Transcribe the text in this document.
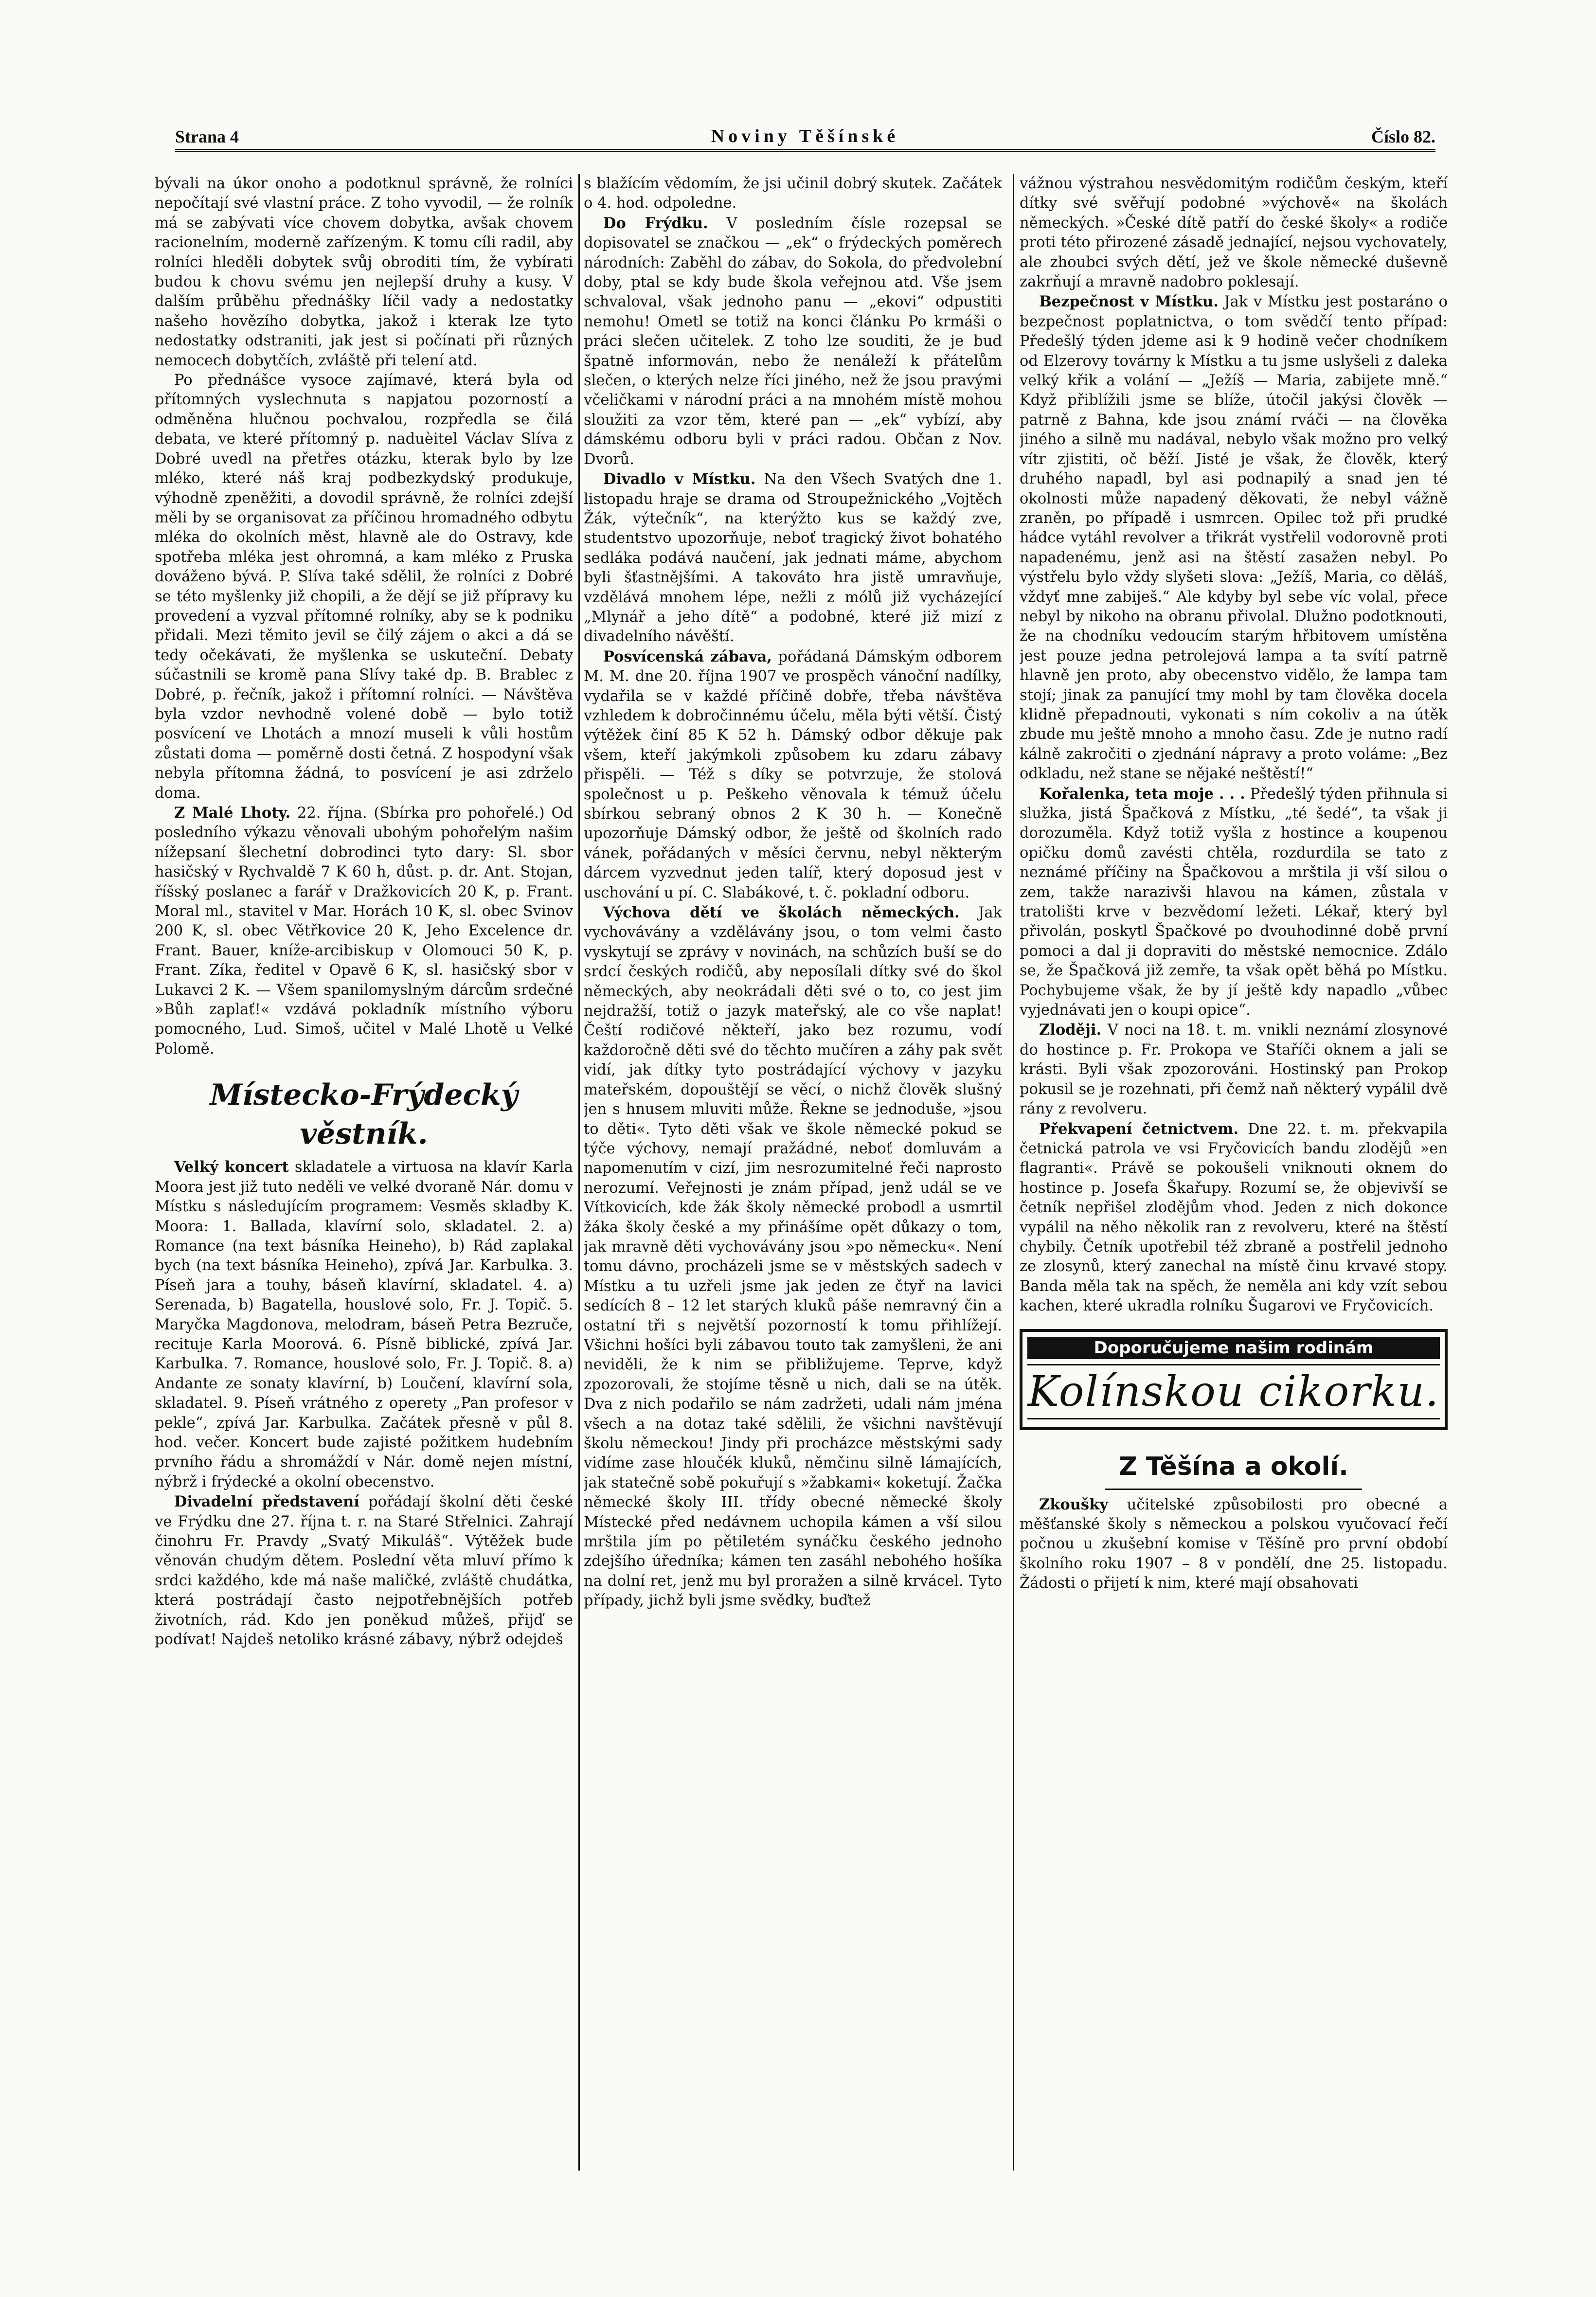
Strana 4	Noviny Těšínské	Číslo 82.

bývali na úkor onoho a podotknul správně, že rolníci nepočítají své vlastní práce. Z toho vyvodil, — že rolník má se zabývati více chovem dobytka, avšak chovem racionelním, moderně zařízeným. K tomu cíli radil, aby rolníci hleděli dobytek svůj obroditi tím, že vybírati budou k chovu svému jen nejlepší druhy a kusy. V dalším průběhu přednášky líčil vady a nedostatky našeho hovězího dobytka, jakož i kterak lze tyto nedostatky odstraniti, jak jest si počínati při různých nemocech dobytčích, zvláště při telení atd.

Po přednášce vysoce zajímavé, která byla od přítomných vyslechnuta s napjatou pozorností a odměněna hlučnou pochvalou, rozpředla se čilá debata, ve které přítomný p. naduèitel Václav Slíva z Dobré uvedl na přetřes otázku, kterak bylo by lze mléko, které náš kraj podbezkydský produkuje, výhodně zpeněžiti, a dovodil správně, že rolníci zdejší měli by se organisovat za příčinou hromadného odbytu mléka do okolních měst, hlavně ale do Ostravy, kde spotřeba mléka jest ohromná, a kam mléko z Pruska dováženo bývá. P. Slíva také sdělil, že rolníci z Dobré se této myšlenky již chopili, a že dějí se již přípravy ku provedení a vyzval přítomné rolníky, aby se k podniku přidali. Mezi těmito jevil se čilý zájem o akci a dá se tedy očekávati, že myšlenka se uskuteční. Debaty súčastnili se kromě pana Slívy také dp. B. Brablec z Dobré, p. řečník, jakož i přítomní rolníci. — Návštěva byla vzdor nevhodně volené době — bylo totiž posvícení ve Lhotách a mnozí museli k vůli hostům zůstati doma — poměrně dosti četná. Z hospodyní však nebyla přítomna žádná, to posvícení je asi zdrželo doma.

Z Malé Lhoty. 22. října. (Sbírka pro pohořelé.) Od posledního výkazu věnovali ubohým pohořelým našim nížepsaní šlechetní dobrodinci tyto dary: Sl. sbor hasičský v Rychvaldě 7 K 60 h, důst. p. dr. Ant. Stojan, říšský poslanec a farář v Dražkovicích 20 K, p. Frant. Moral ml., stavitel v Mar. Horách 10 K, sl. obec Svinov 200 K, sl. obec Větřkovice 20 K, Jeho Excelence dr. Frant. Bauer, kníže-arcibiskup v Olomouci 50 K, p. Frant. Zíka, ředitel v Opavě 6 K, sl. hasičský sbor v Lukavci 2 K. — Všem spanilomyslným dárcům srdečné »Bůh zaplať!« vzdává pokladník místního výboru pomocného, Lud. Simoš, učitel v Malé Lhotě u Velké Polomě.

Místecko-Frýdecký věstník.

Velký koncert skladatele a virtuosa na klavír Karla Moora jest již tuto neděli ve velké dvoraně Nár. domu v Místku s následujícím programem: Vesměs skladby K. Moora: 1. Ballada, klavírní solo, skladatel. 2. a) Romance (na text básníka Heineho), b) Rád zaplakal bych (na text básníka Heineho), zpívá Jar. Karbulka. 3. Píseň jara a touhy, báseň klavírní, skladatel. 4. a) Serenada, b) Bagatella, houslové solo, Fr. J. Topič. 5. Maryčka Magdonova, melodram, báseň Petra Bezruče, recituje Karla Moorová. 6. Písně biblické, zpívá Jar. Karbulka. 7. Romance, houslové solo, Fr. J. Topič. 8. a) Andante ze sonaty klavírní, b) Loučení, klavírní sola, skladatel. 9. Píseň vrátného z operety „Pan profesor v pekle“, zpívá Jar. Karbulka. Začátek přesně v půl 8. hod. večer. Koncert bude zajisté požitkem hudebním prvního řádu a shromáždí v Nár. domě nejen místní, nýbrž i frýdecké a okolní obecenstvo.

Divadelní představení pořádají školní děti české ve Frýdku dne 27. října t. r. na Staré Střelnici. Zahrají činohru Fr. Pravdy „Svatý Mikuláš“. Výtěžek bude věnován chudým dětem. Poslední věta mluví přímo k srdci každého, kde má naše maličké, zvláště chudátka, která postrádají často nejpotřebnějších potřeb životních, rád. Kdo jen poněkud můžeš, přijď se podívat! Najdeš netoliko krásné zábavy, nýbrž odejdeš

s blažícím vědomím, že jsi učinil dobrý skutek. Začátek o 4. hod. odpoledne.

Do Frýdku. V posledním čísle rozepsal se dopisovatel se značkou — „ek“ o frýdeckých poměrech národních: Zaběhl do zábav, do Sokola, do předvolební doby, ptal se kdy bude škola veřejnou atd. Vše jsem schvaloval, však jednoho panu — „ekovi“ odpustiti nemohu! Ometl se totiž na konci článku Po krmáši o práci slečen učitelek. Z toho lze souditi, že je buď špatně informován, nebo že nenáleží k přátelům slečen, o kterých nelze říci jiného, než že jsou pravými včeličkami v národní práci a na mnohém místě mohou sloužiti za vzor těm, které pan — „ek“ vybízí, aby dámskému odboru byli v práci radou. Občan z Nov. Dvorů.

Divadlo v Místku. Na den Všech Svatých dne 1. listopadu hraje se drama od Stroupežnického „Vojtěch Žák, výtečník“, na kterýžto kus se každý zve, studentstvo upozorňuje, neboť tragický život bohatého sedláka podává naučení, jak jednati máme, abychom byli šťastnějšími. A takováto hra jistě umravňuje, vzdělává mnohem lépe, nežli z mólů již vycházející „Mlynář a jeho dítě“ a podobné, které již mizí z divadelního návěští.

Posvícenská zábava, pořádaná Dámským odborem M. M. dne 20. října 1907 ve prospěch vánoční nadílky, vydařila se v každé příčině dobře, třeba návštěva vzhledem k dobročinnému účelu, měla býti větší. Čistý výtěžek činí 85 K 52 h. Dámský odbor děkuje pak všem, kteří jakýmkoli způsobem ku zdaru zábavy přispěli. — Též s díky se potvrzuje, že stolová společnost u p. Peškeho věnovala k témuž účelu sbírkou sebraný obnos 2 K 30 h. — Konečně upozorňuje Dámský odbor, že ještě od školních rado vánek, pořádaných v měsíci červnu, nebyl některým dárcem vyzvednut jeden talíř, který doposud jest v uschování u pí. C. Slabákové, t. č. pokladní odboru.

Výchova dětí ve školách německých. Jak vychovávány a vzdělávány jsou, o tom velmi často vyskytují se zprávy v novinách, na schůzích buší se do srdcí českých rodičů, aby neposílali dítky své do škol německých, aby neokrádali děti své o to, co jest jim nejdražší, totiž o jazyk mateřský, ale co vše naplat! Čeští rodičové někteří, jako bez rozumu, vodí každoročně děti své do těchto mučíren a záhy pak svět vidí, jak dítky tyto postrádající výchovy v jazyku mateřském, dopouštějí se věcí, o nichž člověk slušný jen s hnusem mluviti může. Řekne se jednoduše, »jsou to děti«. Tyto děti však ve škole německé pokud se týče výchovy, nemají pražádné, neboť domluvám a napomenutím v cizí, jim nesrozumitelné řeči naprosto nerozumí. Veřejnosti je znám případ, jenž udál se ve Vítkovicích, kde žák školy německé probodl a usmrtil žáka školy české a my přinášíme opět důkazy o tom, jak mravně děti vychovávány jsou »po německu«. Není tomu dávno, procházeli jsme se v městských sadech v Místku a tu uzřeli jsme jak jeden ze čtyř na lavici sedících 8 – 12 let starých kluků páše nemravný čin a ostatní tři s největší pozorností k tomu přihlížejí. Všichni hošíci byli zábavou touto tak zamyšleni, že ani neviděli, že k nim se přibližujeme. Teprve, když zpozorovali, že stojíme těsně u nich, dali se na útěk. Dva z nich podařilo se nám zadržeti, udali nám jména všech a na dotaz také sdělili, že všichni navštěvují školu německou! Jindy při procházce městskými sady vidíme zase hloučék kluků, němčinu silně lámajících, jak statečně sobě pokuřují s »žabkami« koketují. Žačka německé školy III. třídy obecné německé školy Místecké před nedávnem uchopila kámen a vší silou mrštila jím po pětiletém synáčku českého jednoho zdejšího úředníka; kámen ten zasáhl nebohého hošíka na dolní ret, jenž mu byl proražen a silně krvácel. Tyto případy, jichž byli jsme svědky, buďtež

vážnou výstrahou nesvědomitým rodičům českým, kteří dítky své svěřují podobné »výchově« na školách německých. »České dítě patří do české školy« a rodiče proti této přirozené zásadě jednající, nejsou vychovately, ale zhoubci svých dětí, jež ve škole německé duševně zakrňují a mravně nadobro poklesají.

Bezpečnost v Místku. Jak v Místku jest postaráno o bezpečnost poplatnictva, o tom svědčí tento případ: Předešlý týden jdeme asi k 9 hodině večer chodníkem od Elzerovy továrny k Místku a tu jsme uslyšeli z daleka velký křik a volání — „Ježíš — Maria, zabijete mně.“ Když přiblížili jsme se blíže, útočil jakýsi člověk — patrně z Bahna, kde jsou známí rváči — na člověka jiného a silně mu nadával, nebylo však možno pro velký vítr zjistiti, oč běží. Jisté je však, že člověk, který druhého napadl, byl asi podnapilý a snad jen té okolnosti může napadený děkovati, že nebyl vážně zraněn, po případě i usmrcen. Opilec tož při prudké hádce vytáhl revolver a třikrát vystřelil vodorovně proti napadenému, jenž asi na štěstí zasažen nebyl. Po výstřelu bylo vždy slyšeti slova: „Ježíš, Maria, co děláš, vždyť mne zabiješ.“ Ale kdyby byl sebe víc volal, přece nebyl by nikoho na obranu přivolal. Dlužno podotknouti, že na chodníku vedoucím starým hřbitovem umístěna jest pouze jedna petrolejová lampa a ta svítí patrně hlavně jen proto, aby obecenstvo vidělo, že lampa tam stojí; jinak za panující tmy mohl by tam člověka docela klidně přepadnouti, vykonati s ním cokoliv a na útěk zbude mu ještě mnoho a mnoho času. Zde je nutno radí kálně zakročiti o zjednání nápravy a proto voláme: „Bez odkladu, než stane se nějaké neštěstí!“

Kořalenka, teta moje . . . Předešlý týden přihnula si služka, jistá Špačková z Místku, „té šedé“, ta však ji dorozuměla. Když totiž vyšla z hostince a koupenou opičku domů zavésti chtěla, rozdurdila se tato z neznámé příčiny na Špačkovou a mrštila ji vší silou o zem, takže narazivši hlavou na kámen, zůstala v tratolišti krve v bezvědomí ležeti. Lékař, který byl přivolán, poskytl Špačkové po dvouhodinné době první pomoci a dal ji dopraviti do městské nemocnice. Zdálo se, že Špačková již zemře, ta však opět běhá po Místku. Pochybujeme však, že by jí ještě kdy napadlo „vůbec vyjednávati jen o koupi opice“.

Zloději. V noci na 18. t. m. vnikli neznámí zlosynové do hostince p. Fr. Prokopa ve Staříči oknem a jali se krásti. Byli však zpozorováni. Hostinský pan Prokop pokusil se je rozehnati, při čemž naň některý vypálil dvě rány z revolveru.

Překvapení četnictvem. Dne 22. t. m. překvapila četnická patrola ve vsi Fryčovicích bandu zlodějů »en flagranti«. Právě se pokoušeli vniknouti oknem do hostince p. Josefa Škařupy. Rozumí se, že objevivší se četník nepřišel zlodějům vhod. Jeden z nich dokonce vypálil na něho několik ran z revolveru, které na štěstí chybily. Četník upotřebil též zbraně a postřelil jednoho ze zlosynů, který zanechal na místě činu krvavé stopy. Banda měla tak na spěch, že neměla ani kdy vzít sebou kachen, které ukradla rolníku Šugarovi ve Fryčovicích.

Doporučujeme našim rodinám
Kolínskou cikorku.
Z Těšína a okolí.

Zkoušky učitelské způsobilosti pro obecné a měšťanské školy s německou a polskou vyučovací řečí počnou u zkušební komise v Těšíně pro první období školního roku 1907 – 8 v pondělí, dne 25. listopadu. Žádosti o přijetí k nim, které mají obsahovati
